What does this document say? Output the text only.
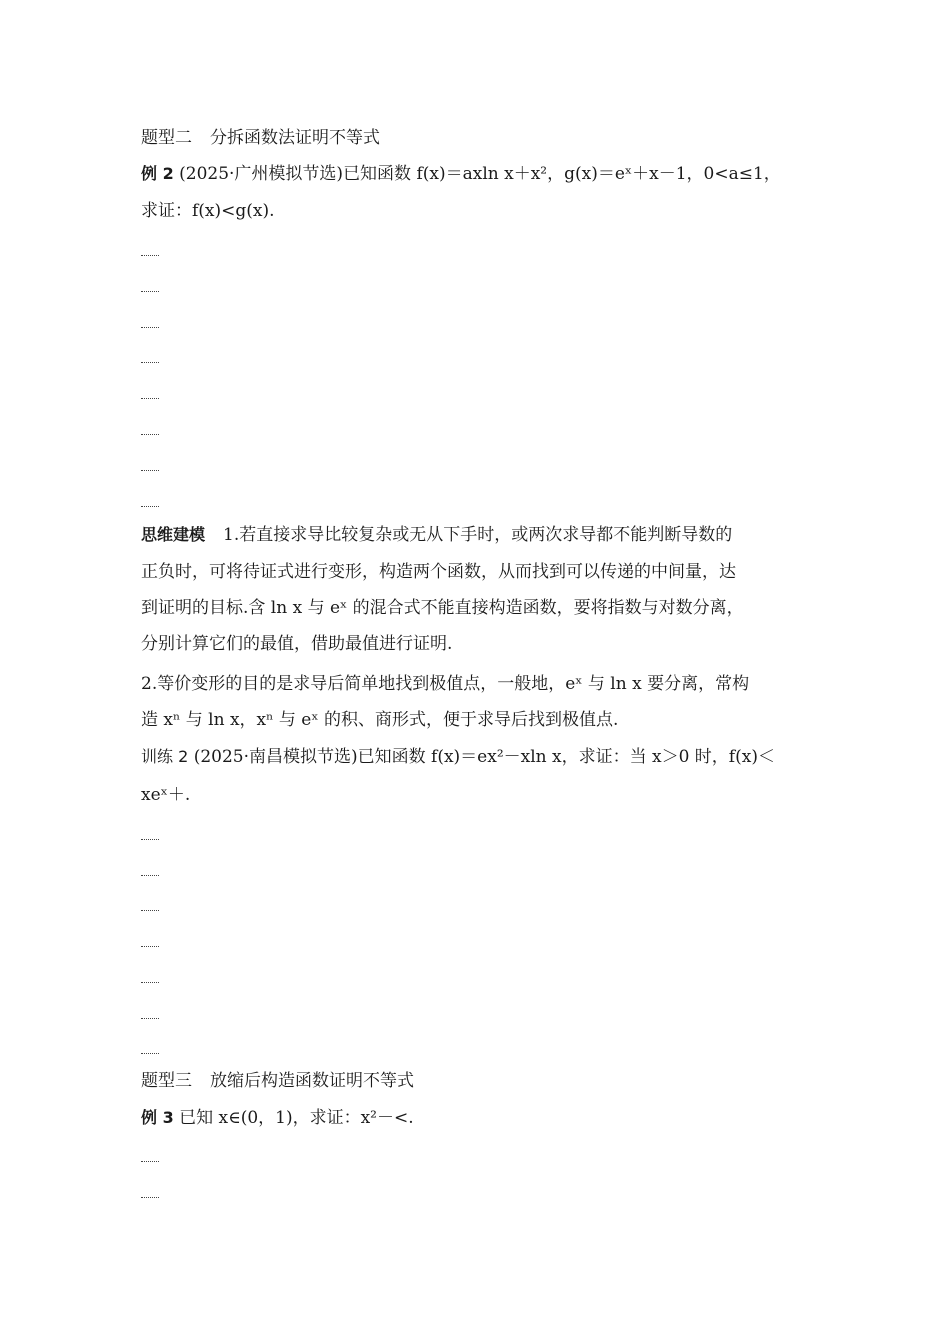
题型二 分拆函数法证明不等式
例 2 (2025·广州模拟节选)已知函数 f(x)＝axln x＋x²，g(x)＝eˣ＋x－1，0<a≤1，
求证：f(x)<g(x).
思维建模 1.若直接求导比较复杂或无从下手时，或两次求导都不能判断导数的
正负时，可将待证式进行变形，构造两个函数，从而找到可以传递的中间量，达
到证明的目标.含 ln x 与 eˣ 的混合式不能直接构造函数，要将指数与对数分离，
分别计算它们的最值，借助最值进行证明.
2.等价变形的目的是求导后简单地找到极值点，一般地，eˣ 与 ln x 要分离，常构
造 xⁿ 与 ln x，xⁿ 与 eˣ 的积、商形式，便于求导后找到极值点.
训练 2 (2025·南昌模拟节选)已知函数 f(x)＝ex²－xln x，求证：当 x＞0 时，f(x)＜
xeˣ＋.
题型三 放缩后构造函数证明不等式
例 3 已知 x∈(0，1)，求证：x²－<.
